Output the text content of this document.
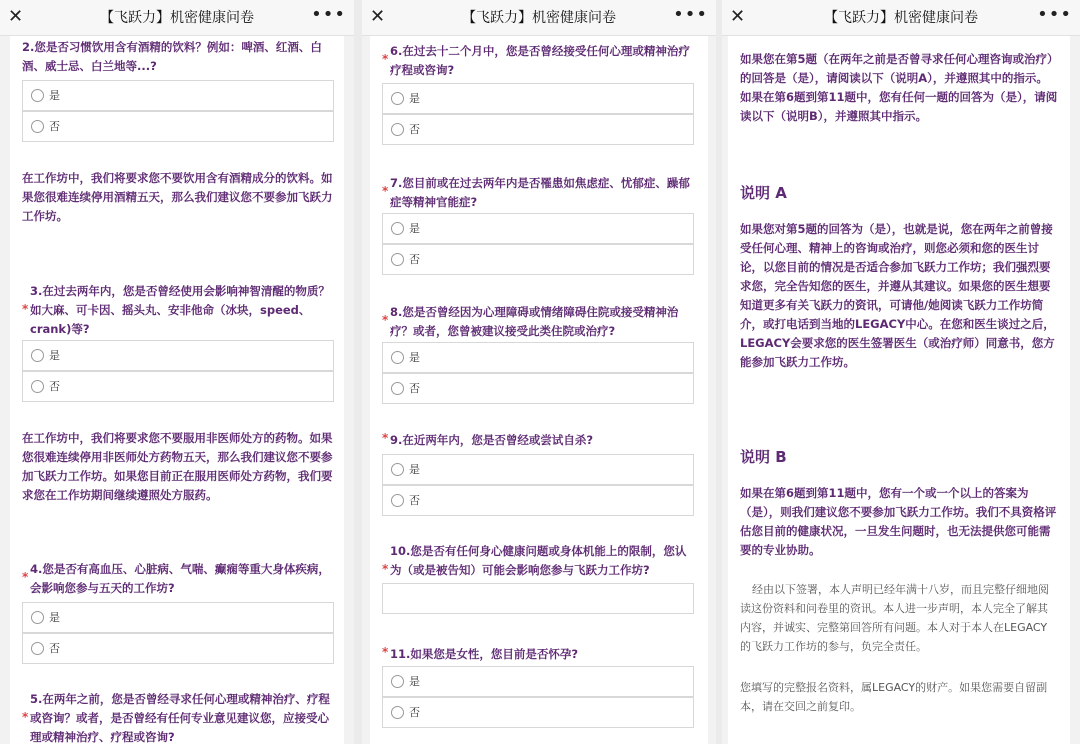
✕	【飞跃力】机密健康问卷	•••
2.您是否习惯饮用含有酒精的饮料？例如：啤酒、红酒、白酒、威士忌、白兰地等...?
是
否
在工作坊中，我们将要求您不要饮用含有酒精成分的饮料。如果您很难连续停用酒精五天，那么我们建议您不要参加飞跃力工作坊。
*
3.在过去两年内，您是否曾经使用会影响神智清醒的物质？如大麻、可卡因、摇头丸、安非他命（冰块，speed、crank)等?
是
否
在工作坊中，我们将要求您不要服用非医师处方的药物。如果您很难连续停用非医师处方药物五天，那么我们建议您不要参加飞跃力工作坊。如果您目前正在服用医师处方药物，我们要求您在工作坊期间继续遵照处方服药。
*
4.您是否有高血压、心脏病、气喘、癫痫等重大身体疾病，会影响您参与五天的工作坊?
是
否
*
5.在两年之前，您是否曾经寻求任何心理或精神治疗、疗程或咨询？或者，是否曾经有任何专业意见建议您，应接受心理或精神治疗、疗程或咨询?
✕	【飞跃力】机密健康问卷	•••
*
6.在过去十二个月中，您是否曾经接受任何心理或精神治疗疗程或咨询?
是
否
*
7.您目前或在过去两年内是否罹患如焦虑症、忧郁症、躁郁症等精神官能症?
是
否
*
8.您是否曾经因为心理障碍或情绪障碍住院或接受精神治疗？或者，您曾被建议接受此类住院或治疗?
是
否
* 9.在近两年内，您是否曾经或尝试自杀?
是
否
*
10.您是否有任何身心健康问题或身体机能上的限制，您认为（或是被告知）可能会影响您参与飞跃力工作坊?
* 11.如果您是女性，您目前是否怀孕?
是
否
✕	【飞跃力】机密健康问卷	•••
如果您在第5题（在两年之前是否曾寻求任何心理咨询或治疗）的回答是（是），请阅读以下（说明A），并遵照其中的指示。如果在第6题到第11题中，您有任何一题的回答为（是），请阅读以下（说明B），并遵照其中指示。
说明 A
如果您对第5题的回答为（是），也就是说，您在两年之前曾接受任何心理、精神上的咨询或治疗，则您必须和您的医生讨论，以您目前的情况是否适合参加飞跃力工作坊；我们强烈要求您，完全告知您的医生，并遵从其建议。如果您的医生想要知道更多有关飞跃力的资讯，可请他/她阅读飞跃力工作坊简介，或打电话到当地的LEGACY中心。在您和医生谈过之后，LEGACY会要求您的医生签署医生（或治疗师）同意书，您方能参加飞跃力工作坊。
说明 B
如果在第6题到第11题中，您有一个或一个以上的答案为（是），则我们建议您不要参加飞跃力工作坊。我们不具资格评估您目前的健康状况，一旦发生问题时，也无法提供您可能需要的专业协助。
经由以下签署，本人声明已经年满十八岁，而且完整仔细地阅读这份资料和问卷里的资讯。本人进一步声明，本人完全了解其内容，并诚实、完整第回答所有问题。本人对于本人在LEGACY的飞跃力工作坊的参与，负完全责任。
您填写的完整报名资料，属LEGACY的财产。如果您需要自留副本，请在交回之前复印。
